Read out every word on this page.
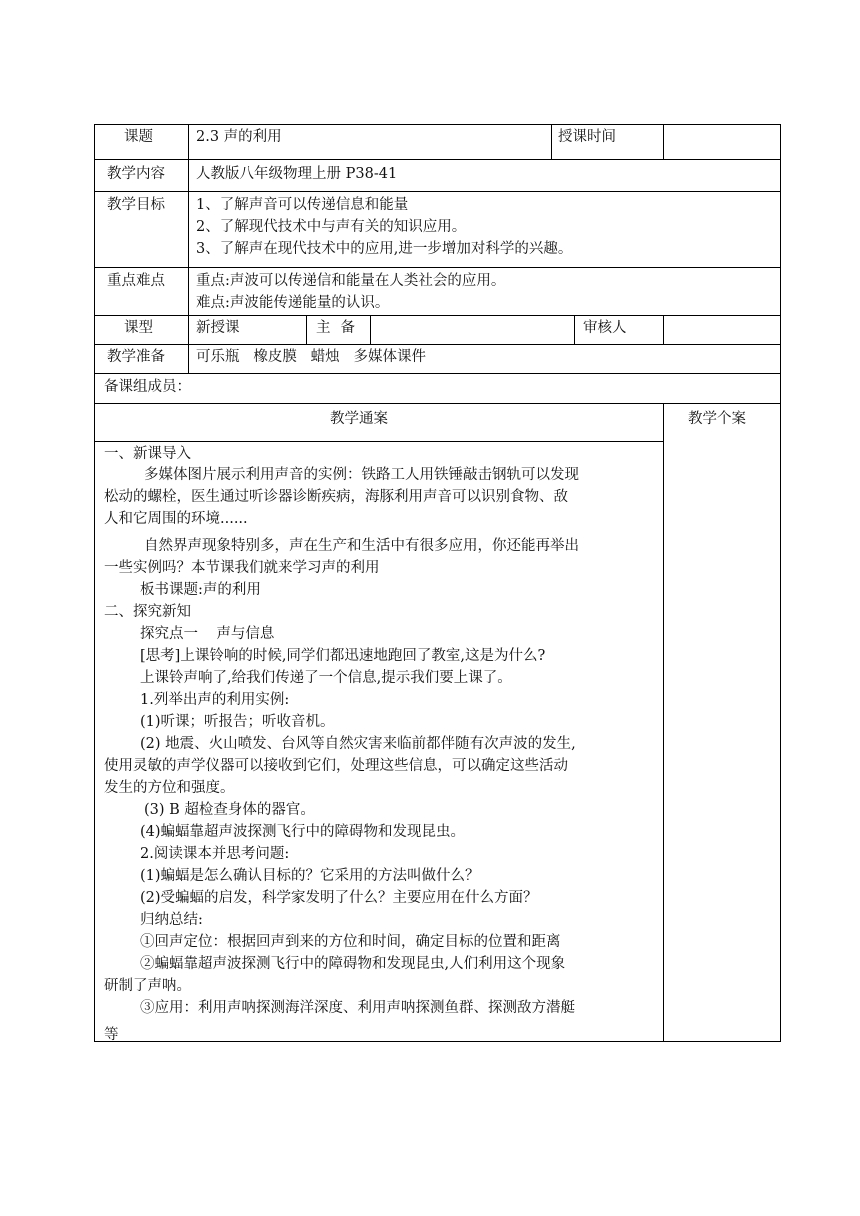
课题	2.3 声的利用	授课时间
教学内容 人教版八年级物理上册 P38-41
教学目标 1、了解声音可以传递信息和能量
2、了解现代技术中与声有关的知识应用。
3、了解声在现代技术中的应用,进一步增加对科学的兴趣。
重点难点 重点:声波可以传递信和能量在人类社会的应用。
难点:声波能传递能量的认识。
课型	新授课	主备	审核人
教学准备 可乐瓶   橡皮膜   蜡烛   多媒体课件
备课组成员：
教学通案	教学个案
一、新课导入
多媒体图片展示利用声音的实例：铁路工人用铁锤敲击钢轨可以发现
松动的螺栓，医生通过听诊器诊断疾病，海豚利用声音可以识别食物、敌
人和它周围的环境......
自然界声现象特别多，声在生产和生活中有很多应用，你还能再举出
一些实例吗？本节课我们就来学习声的利用
板书课题:声的利用
二、探究新知
探究点一    声与信息
[思考]上课铃响的时候,同学们都迅速地跑回了教室,这是为什么?
上课铃声响了,给我们传递了一个信息,提示我们要上课了。
1.列举出声的利用实例:
(1)听课；听报告；听收音机。
(2) 地震、火山喷发、台风等自然灾害来临前都伴随有次声波的发生,
使用灵敏的声学仪器可以接收到它们，处理这些信息，可以确定这些活动
发生的方位和强度。
(3) B 超检查身体的器官。
(4)蝙蝠靠超声波探测飞行中的障碍物和发现昆虫。
2.阅读课本并思考问题:
(1)蝙蝠是怎么确认目标的？它采用的方法叫做什么？
(2)受蝙蝠的启发，科学家发明了什么？主要应用在什么方面？
归纳总结:
①回声定位：根据回声到来的方位和时间，确定目标的位置和距离
②蝙蝠靠超声波探测飞行中的障碍物和发现昆虫,人们利用这个现象
研制了声呐。
③应用：利用声呐探测海洋深度、利用声呐探测鱼群、探测敌方潜艇
等
